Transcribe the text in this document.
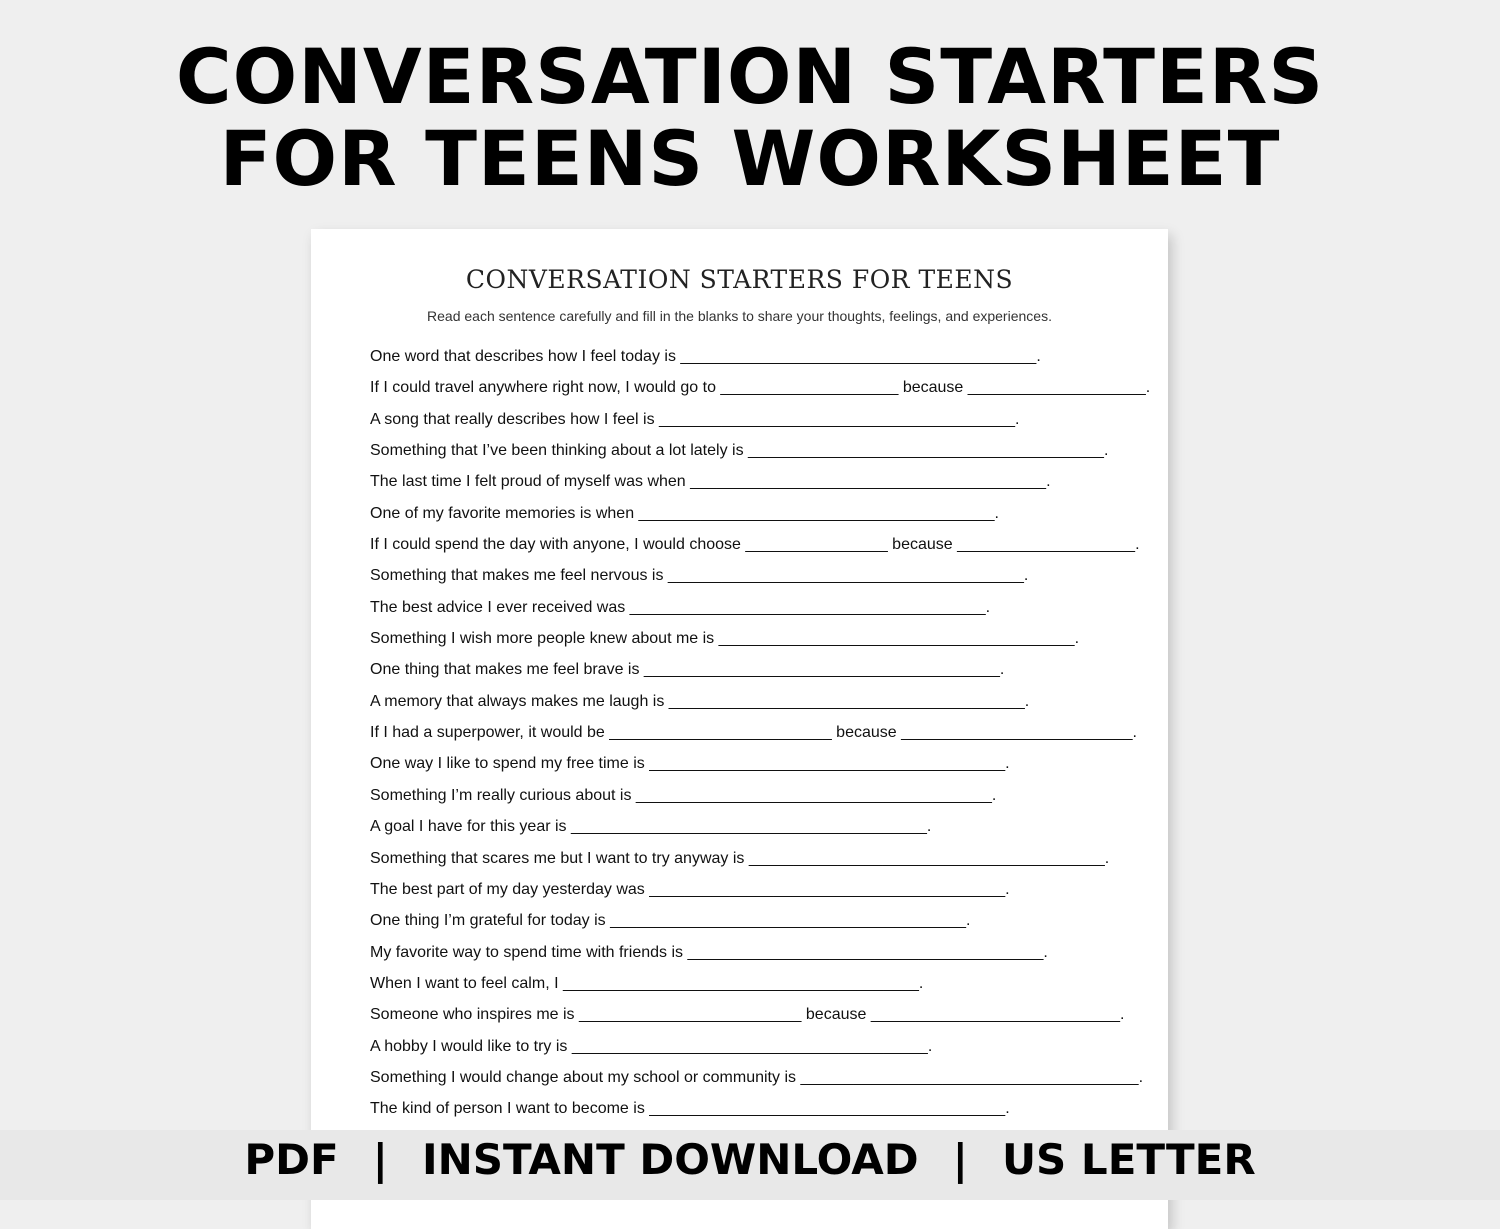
CONVERSATION STARTERS
FOR TEENS WORKSHEET
CONVERSATION STARTERS FOR TEENS
Read each sentence carefully and fill in the blanks to share your thoughts, feelings, and experiences.
One word that describes how I feel today is ________________________________________.
If I could travel anywhere right now, I would go to ____________________ because ____________________.
A song that really describes how I feel is ________________________________________.
Something that I’ve been thinking about a lot lately is ________________________________________.
The last time I felt proud of myself was when ________________________________________.
One of my favorite memories is when ________________________________________.
If I could spend the day with anyone, I would choose ________________ because ____________________.
Something that makes me feel nervous is ________________________________________.
The best advice I ever received was ________________________________________.
Something I wish more people knew about me is ________________________________________.
One thing that makes me feel brave is ________________________________________.
A memory that always makes me laugh is ________________________________________.
If I had a superpower, it would be _________________________ because __________________________.
One way I like to spend my free time is ________________________________________.
Something I’m really curious about is ________________________________________.
A goal I have for this year is ________________________________________.
Something that scares me but I want to try anyway is ________________________________________.
The best part of my day yesterday was ________________________________________.
One thing I’m grateful for today is ________________________________________.
My favorite way to spend time with friends is ________________________________________.
When I want to feel calm, I ________________________________________.
Someone who inspires me is _________________________ because ____________________________.
A hobby I would like to try is ________________________________________.
Something I would change about my school or community is ______________________________________.
The kind of person I want to become is ________________________________________.
PDF | INSTANT DOWNLOAD | US LETTER
